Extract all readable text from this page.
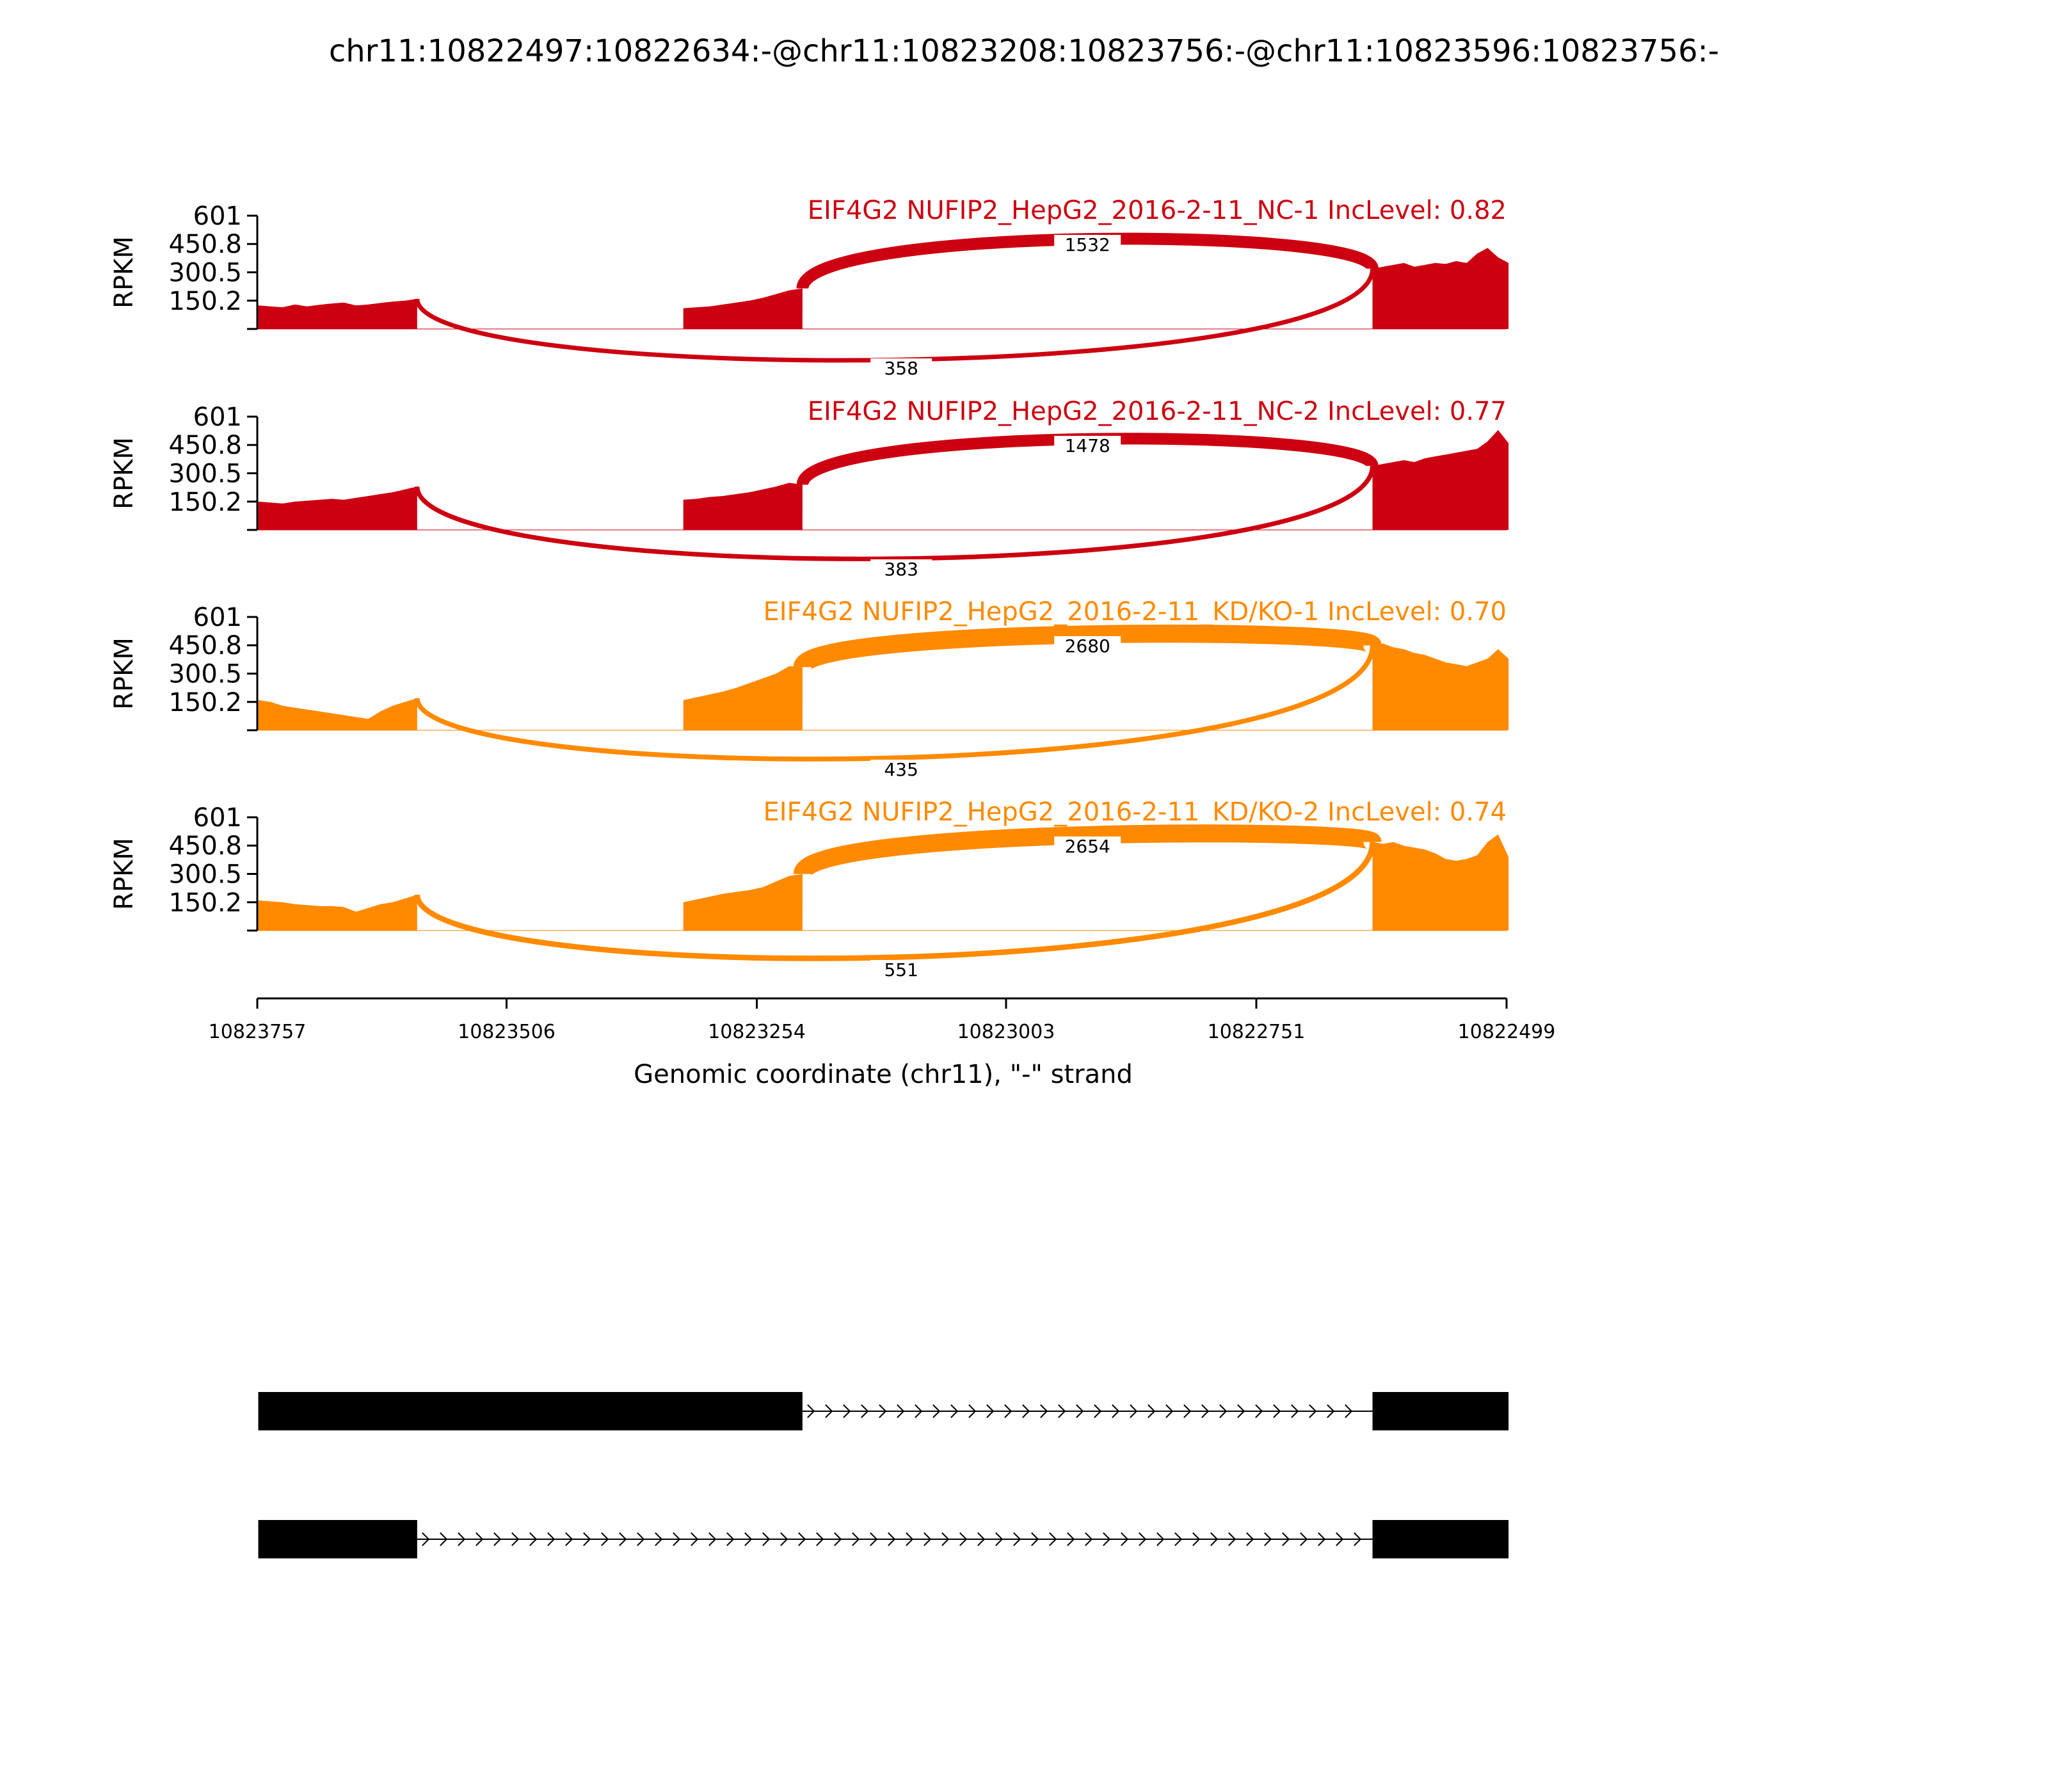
chr11:10822497:10822634:-@chr11:10823208:10823756:-@chr11:10823596:10823756:-
1532
358
150.2
300.5
450.8
601
RPKM
EIF4G2 NUFIP2_HepG2_2016-2-11_NC-1 IncLevel: 0.82
1478
383
150.2
300.5
450.8
601
RPKM
EIF4G2 NUFIP2_HepG2_2016-2-11_NC-2 IncLevel: 0.77
2680
435
150.2
300.5
450.8
601
RPKM
EIF4G2 NUFIP2_HepG2_2016-2-11_KD/KO-1 IncLevel: 0.70
2654
551
150.2
300.5
450.8
601
RPKM
EIF4G2 NUFIP2_HepG2_2016-2-11_KD/KO-2 IncLevel: 0.74
10823757	10823506	10823254	10823003	10822751	10822499
Genomic coordinate (chr11), "-" strand
